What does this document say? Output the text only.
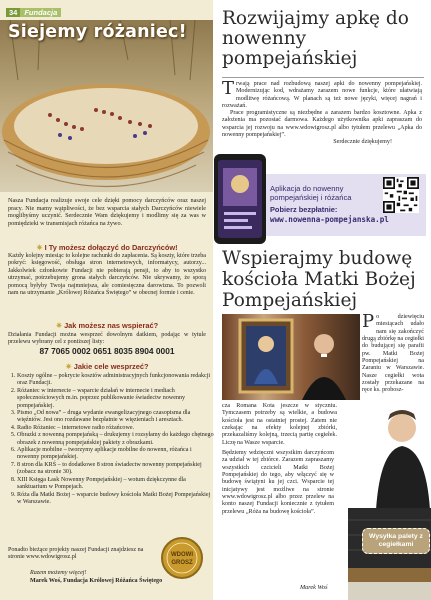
34 Fundacja
Siejemy różaniec!
Nasza Fundacja realizuje swoje cele dzięki pomocy darczyńców oraz naszej pracy. Nie mamy wątpliwości, że bez wsparcia stałych Darczyńców niewiele moglibyśmy uczynić. Serdecznie Wam dziękujemy i modlimy się za was w pomiędzieki w transmisjach różańca na żywo.
✷ I Ty możesz dołączyć do Darczyńców!
Każdy kolejny miesiąc to kolejne rachunki do zapłacenia. Są koszty, które trzeba pokryć: księgowość, obsługa stron internetowych, informatycy, autorzy... Jakkolwiek członkowie Fundacji nie pobierają pensji, to aby to wszystko utrzymać, potrzebujemy grona stałych darczyńców. Nie ukrywamy, że sporą pomocą byłyby Twoja najmniejsza, ale comiesięczna darowizna. To pozwoli nam na utrzymanie „Królowej Różańca Świętego” w obecnej formie i cenie.
✷ Jak możesz nas wspierać?
Działania Fundacji można wesprzeć dowolnym datkiem, podając w tytule przelewu wybrany cel z poniższej listy:
87 7065 0002 0651 8035 8904 0001
✷ Jakie cele wesprzeć?
1. Koszty ogólne – pokrycie kosztów administracyjnych funkcjonowania redakcji oraz Fundacji.
2. Różaniec w internecie – wsparcie działań w internecie i mediach społecznościowych m.in. poprzez publikowanie świadectw nowenny pompejańskiej.
3. Pismo „Od nowa” – druga wydanie ewangelizacyjnego czasopisma dla więźniów. Jest ono rozdawane bezpłatnie w więzieniach i aresztach.
4. Radio Różaniec – internetowe radio różańcowe.
5. Obrazki z nowenną pompejańską – drukujemy i rozsyłamy do każdego chętnego obrazek z nowenną pompejańskiej pakiety z obrazkami.
6. Aplikacje mobilne – tworzymy aplikacje mobilne do nowenn, różańca i nowenny pompejańskiej.
7. 8 stron dla KRŚ – to dodatkowe 8 stron świadectw nowenny pompejańskiej (zobacz na stronie 30).
8. XIII Księga Łask Nowenny Pompejańskiej – wotum dziękczynne dla sanktuarium w Pompejach.
9. Róża dla Matki Bożej – wsparcie budowy kościoła Matki Bożej Pompejańskiej w Warszawie.
Ponadto bieżące projekty naszej Fundacji znajdziesz na stronie www.wdowigrosz.pl
Razem możemy więcej!
Marek Woś, Fundacja Królowej Różańca Świętego
WDOWI
GROSZ
Rozwijajmy apkę do nowenny pompejańskiej
Trwają prace nad rozbudową naszej apki do nowenny pompejańskiej. Modernizując kod, wdrażamy zarazem nowe funkcje, które ułatwiają modlitwę różańcową. W planach są też nowe języki, więcej nagrań i rozważań.
Prace programistyczne są niezbędne a zarazem bardzo kosztowne. Apka z założenia ma pozostać darmowa. Każdego użytkownika apki zapraszam do wsparcia jej rozwoju na www.wdowigrosz.pl albo tytułem przelewu „Apka do nowenny pompejańskiej”.
Serdecznie dziękujemy!
Aplikacja do nowenny pompejańskiej i różańca
Pobierz bezpłatnie:
www.nowenna-pompejanska.pl
Wspierajmy budowę kościoła Matki Bożej Pompejańskiej
Po dziewięciu miesiącach udało nam się zakończyć drugą zbiórkę na cegiełki do budującej się parafii pw. Matki Bożej Pompejańskiej na Zaraniu w Warszawie. Nasze cegiełki wota zostały przekazane na ręce ks. probosz-
cza Romana Kota jeszcze w styczniu. Tymczasem potrzeby są wielkie, a budowa kościoła jest na ostatniej prostej. Zatem nie czekając na efekty kolejnej zbiórki, przekazaliśmy kolejną, trzecią partię cegiełek. Liczę na Wasze wsparcie.
Będziemy wdzięczni wszystkim darczyńcom za udział w tej zbiórce. Zarazem zapraszamy wszystkich czcicieli Matki Bożej Pompejańskiej do tego, aby włączyć się w budowę świątyni ku jej czci. Wsparcie tej inicjatywy jest możliwe na stronie www.wdowigrosz.pl albo przez przelew na konto naszej Fundacji koniecznie z tytułem przelewu „Róża na budowę kościoła”.
Marek Woś
Wysyłka palety z cegiełkami
